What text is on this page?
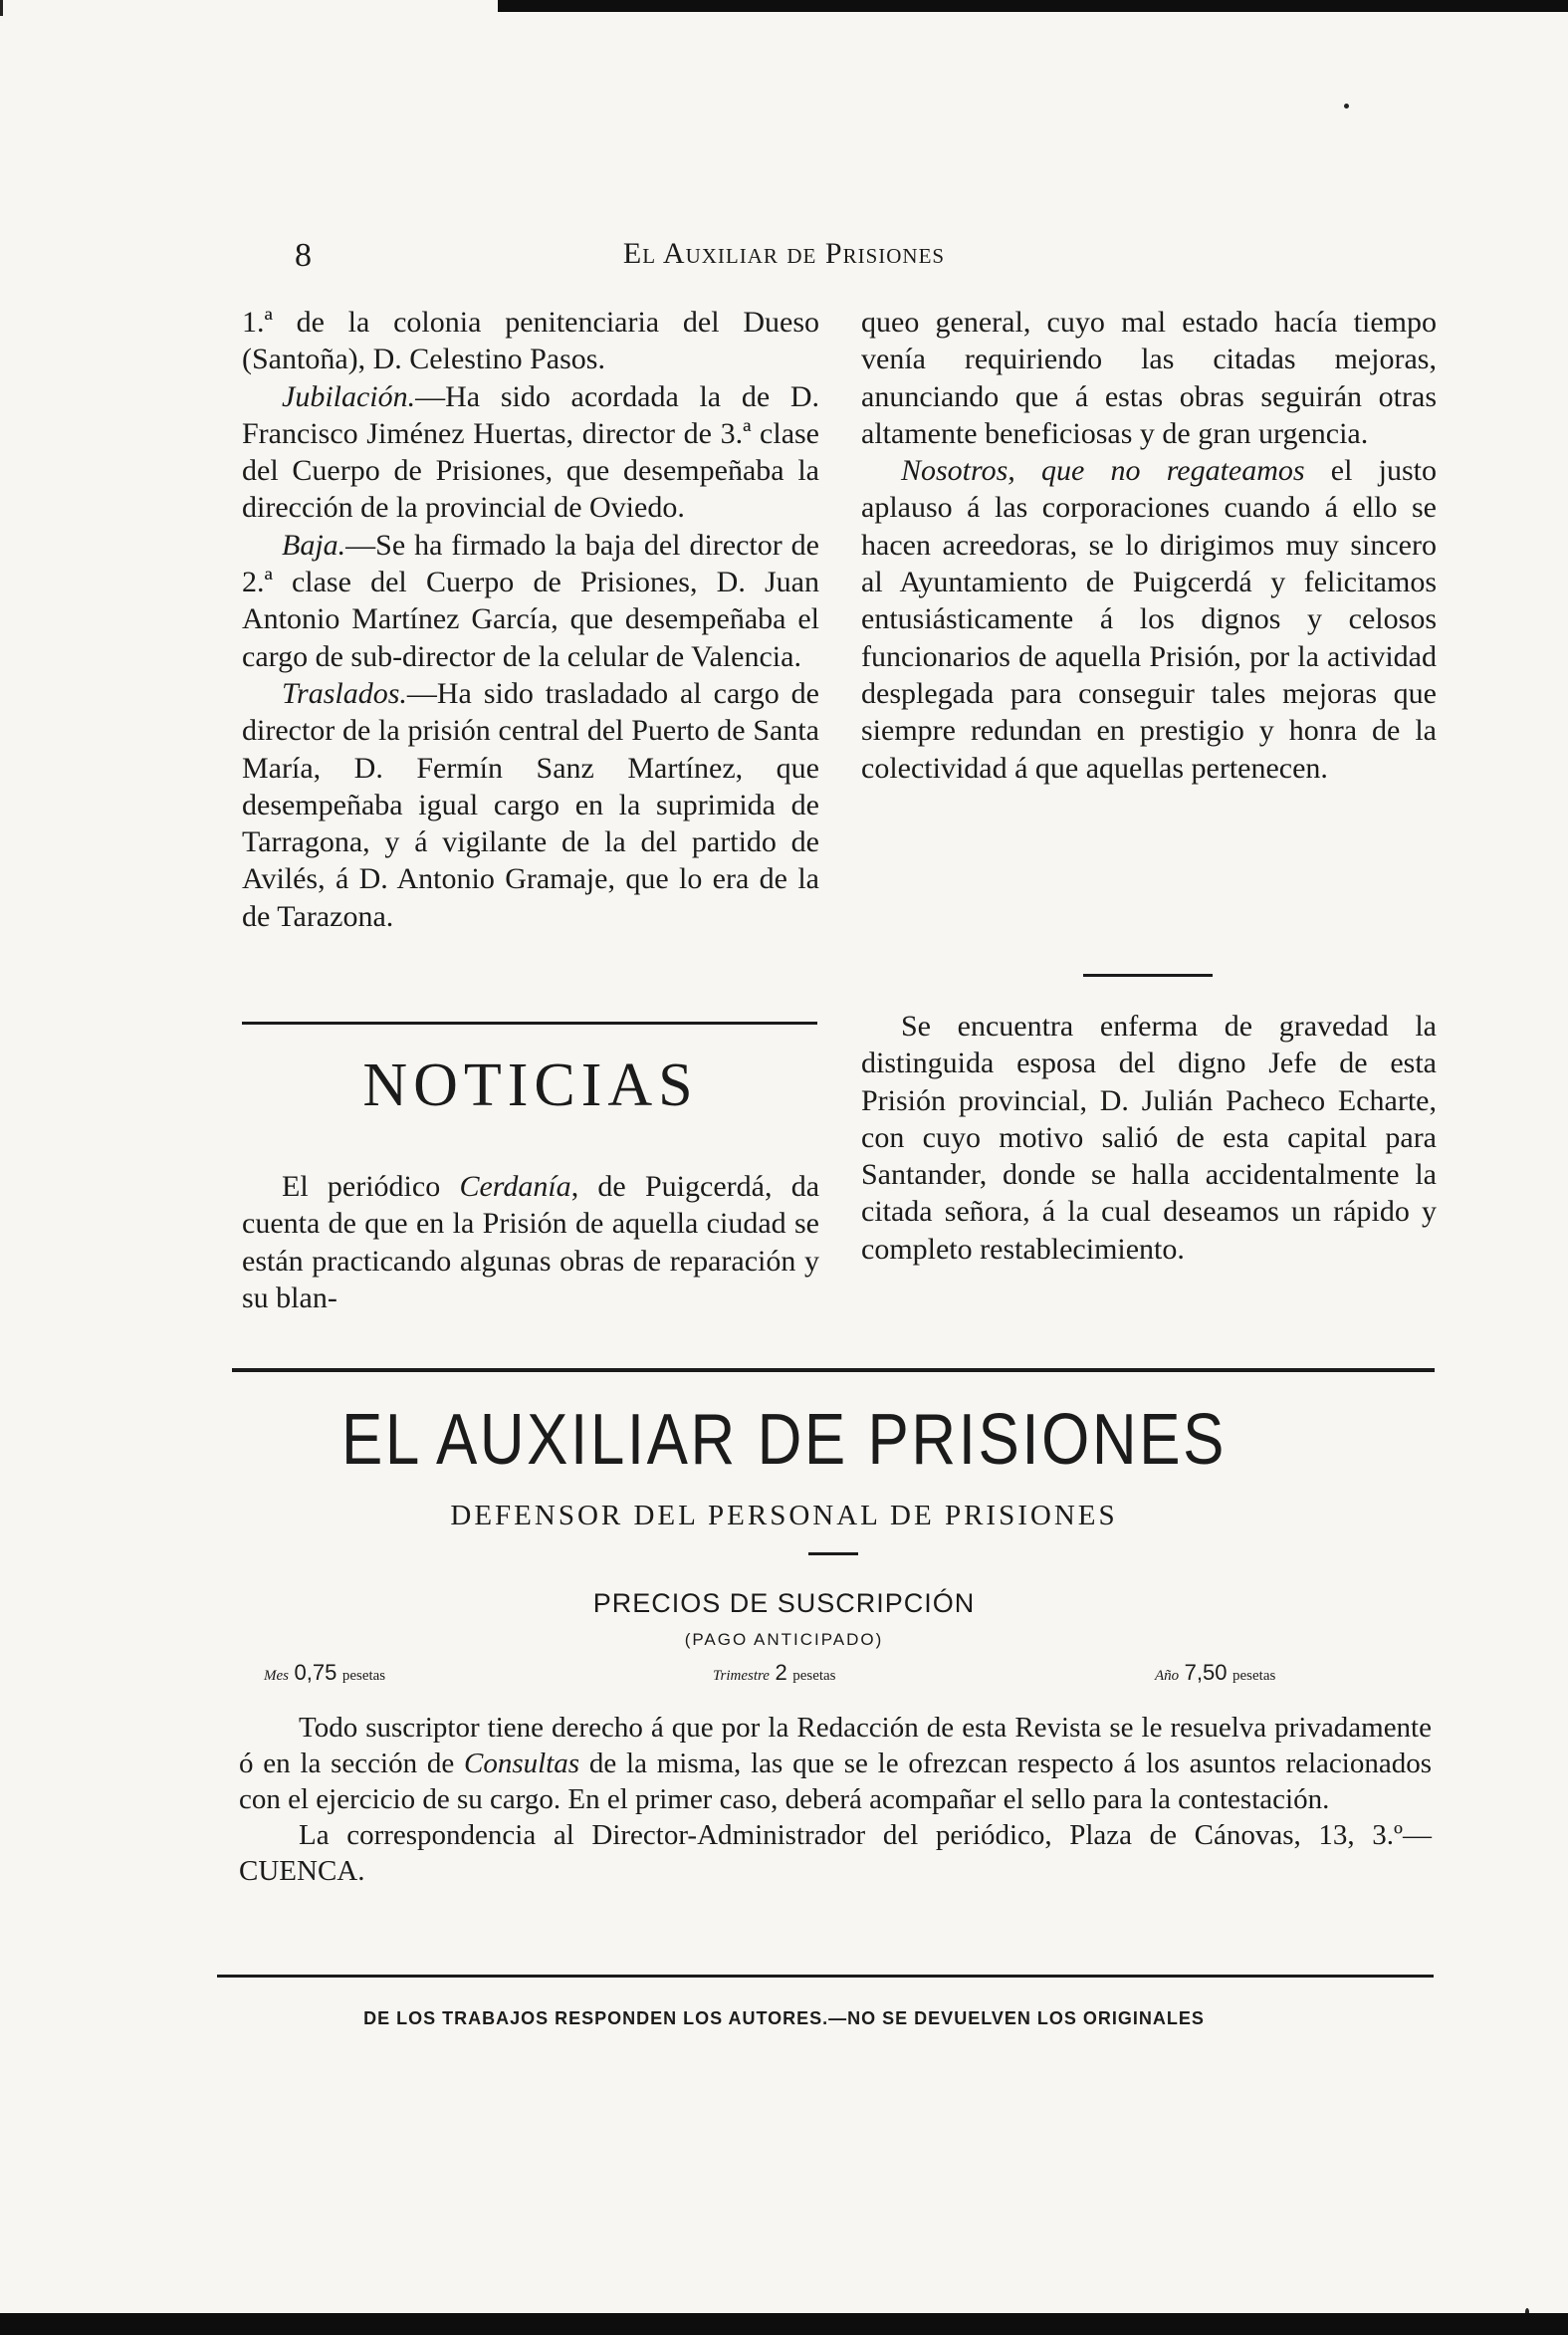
El Auxiliar de Prisiones
8

1.ª de la colonia penitenciaria del Dueso (Santoña), D. Celestino Pasos.

Jubilación.—Ha sido acordada la de D. Francisco Jiménez Huertas, director de 3.ª clase del Cuerpo de Prisiones, que desempeñaba la dirección de la provincial de Oviedo.

Baja.—Se ha firmado la baja del director de 2.ª clase del Cuerpo de Prisiones, D. Juan Antonio Martínez García, que desempeñaba el cargo de sub-director de la celular de Valencia.

Traslados.—Ha sido trasladado al cargo de director de la prisión central del Puerto de Santa María, D. Fermín Sanz Martínez, que desempeñaba igual cargo en la suprimida de Tarragona, y á vigilante de la del partido de Avilés, á D. Antonio Gramaje, que lo era de la de Tarazona.

NOTICIAS

El periódico Cerdanía, de Puigcerdá, da cuenta de que en la Prisión de aquella ciudad se están practicando algunas obras de reparación y su blan-

queo general, cuyo mal estado hacía tiempo venía requiriendo las citadas mejoras, anunciando que á estas obras seguirán otras altamente beneficiosas y de gran urgencia.

Nosotros, que no regateamos el justo aplauso á las corporaciones cuando á ello se hacen acreedoras, se lo dirigimos muy sincero al Ayuntamiento de Puigcerdá y felicitamos entusiásticamente á los dignos y celosos funcionarios de aquella Prisión, por la actividad desplegada para conseguir tales mejoras que siempre redundan en prestigio y honra de la colectividad á que aquellas pertenecen.

Se encuentra enferma de gravedad la distinguida esposa del digno Jefe de esta Prisión provincial, D. Julián Pacheco Echarte, con cuyo motivo salió de esta capital para Santander, donde se halla accidentalmente la citada señora, á la cual deseamos un rápido y completo restablecimiento.

EL AUXILIAR DE PRISIONES
DEFENSOR DEL PERSONAL DE PRISIONES
PRECIOS DE SUSCRIPCIÓN
(PAGO ANTICIPADO)
Mes 0,75 pesetas	Trimestre 2 pesetas	Año 7,50 pesetas

Todo suscriptor tiene derecho á que por la Redacción de esta Revista se le resuelva privadamente ó en la sección de Consultas de la misma, las que se le ofrezcan respecto á los asuntos relacionados con el ejercicio de su cargo. En el primer caso, deberá acompañar el sello para la contestación.

La correspondencia al Director-Administrador del periódico, Plaza de Cánovas, 13, 3.º—CUENCA.

DE LOS TRABAJOS RESPONDEN LOS AUTORES.—NO SE DEVUELVEN LOS ORIGINALES
